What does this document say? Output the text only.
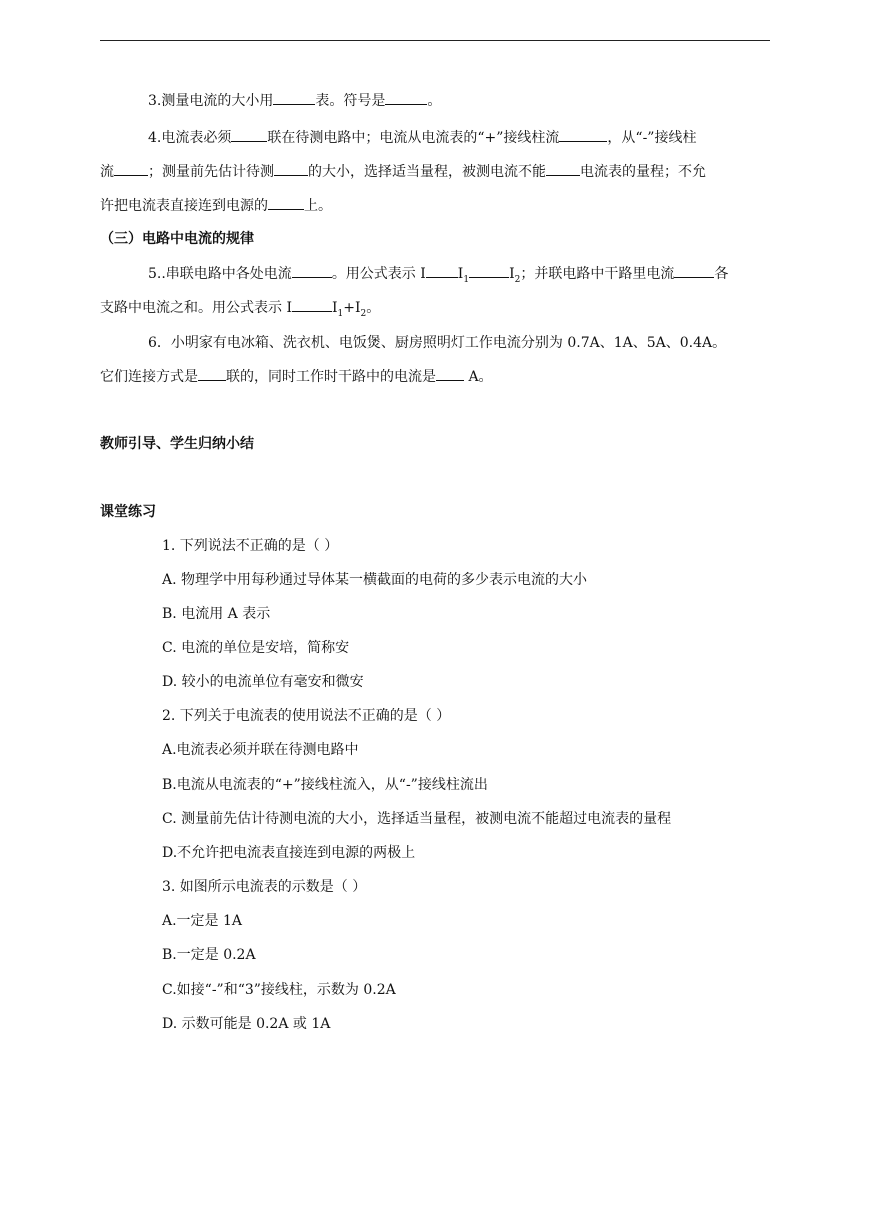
3.测量电流的大小用	表。符号是	。
4.电流表必须	联在待测电路中；电流从电流表的“+”接线柱流	，从“-”接线柱
流 ；测量前先估计待测 的大小，选择适当量程，被测电流不能 电流表的量程；不允
许把电流表直接连到电源的	上。
（三）电路中电流的规律
5..串联电路中各处电流	。用公式表示 I $I_1$	$I_2$；并联电路中干路里电流	各
支路中电流之和。用公式表示 I	$I_1+I_2$。
6．小明家有电冰箱、洗衣机、电饭煲、厨房照明灯工作电流分别为 0.7A、1A、5A、0.4A。
它们连接方式是 联的，同时工作时干路中的电流是 A。
教师引导、学生归纳小结
课堂练习
1. 下列说法不正确的是（ ）
A. 物理学中用每秒通过导体某一横截面的电荷的多少表示电流的大小
B. 电流用 A 表示
C. 电流的单位是安培，简称安
D. 较小的电流单位有毫安和微安
2. 下列关于电流表的使用说法不正确的是（ ）
A.电流表必须并联在待测电路中
B.电流从电流表的“+”接线柱流入，从“-”接线柱流出
C. 测量前先估计待测电流的大小，选择适当量程，被测电流不能超过电流表的量程
D.不允许把电流表直接连到电源的两极上
3. 如图所示电流表的示数是（ ）
A.一定是 1A
B.一定是 0.2A
C.如接“-”和“3”接线柱，示数为 0.2A
D. 示数可能是 0.2A 或 1A
